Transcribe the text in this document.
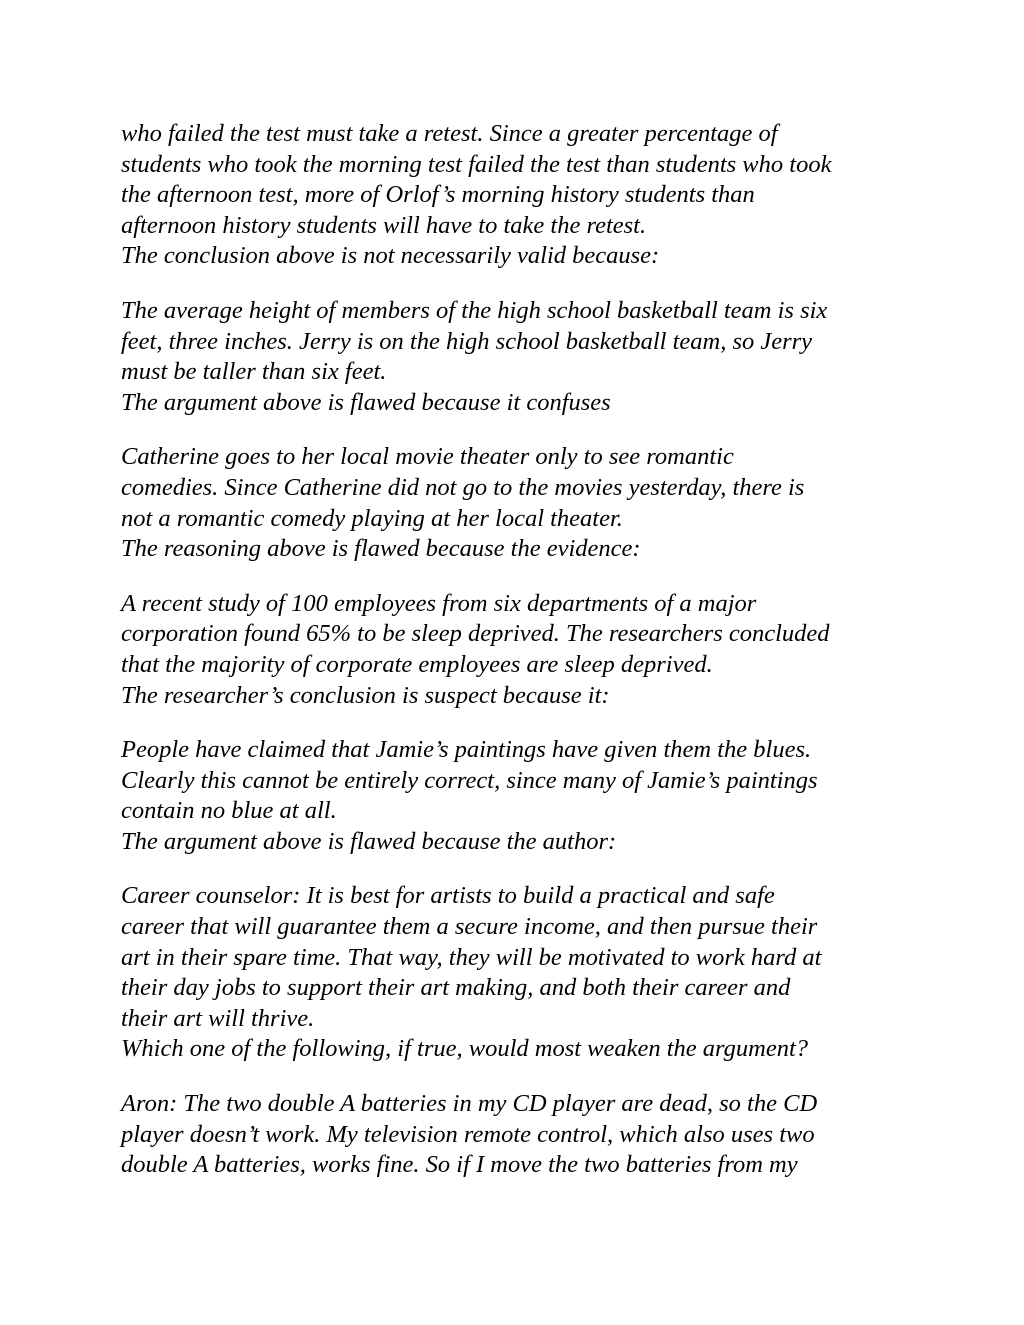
who failed the test must take a retest. Since a greater percentage of
students who took the morning test failed the test than students who took
the afternoon test, more of Orlof’s morning history students than
afternoon history students will have to take the retest.
The conclusion above is not necessarily valid because:

The average height of members of the high school basketball team is six
feet, three inches. Jerry is on the high school basketball team, so Jerry
must be taller than six feet.
The argument above is flawed because it confuses

Catherine goes to her local movie theater only to see romantic
comedies. Since Catherine did not go to the movies yesterday, there is
not a romantic comedy playing at her local theater.
The reasoning above is flawed because the evidence:

A recent study of 100 employees from six departments of a major
corporation found 65% to be sleep deprived. The researchers concluded
that the majority of corporate employees are sleep deprived.
The researcher’s conclusion is suspect because it:

People have claimed that Jamie’s paintings have given them the blues.
Clearly this cannot be entirely correct, since many of Jamie’s paintings
contain no blue at all.
The argument above is flawed because the author:

Career counselor: It is best for artists to build a practical and safe
career that will guarantee them a secure income, and then pursue their
art in their spare time. That way, they will be motivated to work hard at
their day jobs to support their art making, and both their career and
their art will thrive.
Which one of the following, if true, would most weaken the argument?

Aron: The two double A batteries in my CD player are dead, so the CD
player doesn’t work. My television remote control, which also uses two
double A batteries, works fine. So if I move the two batteries from my
